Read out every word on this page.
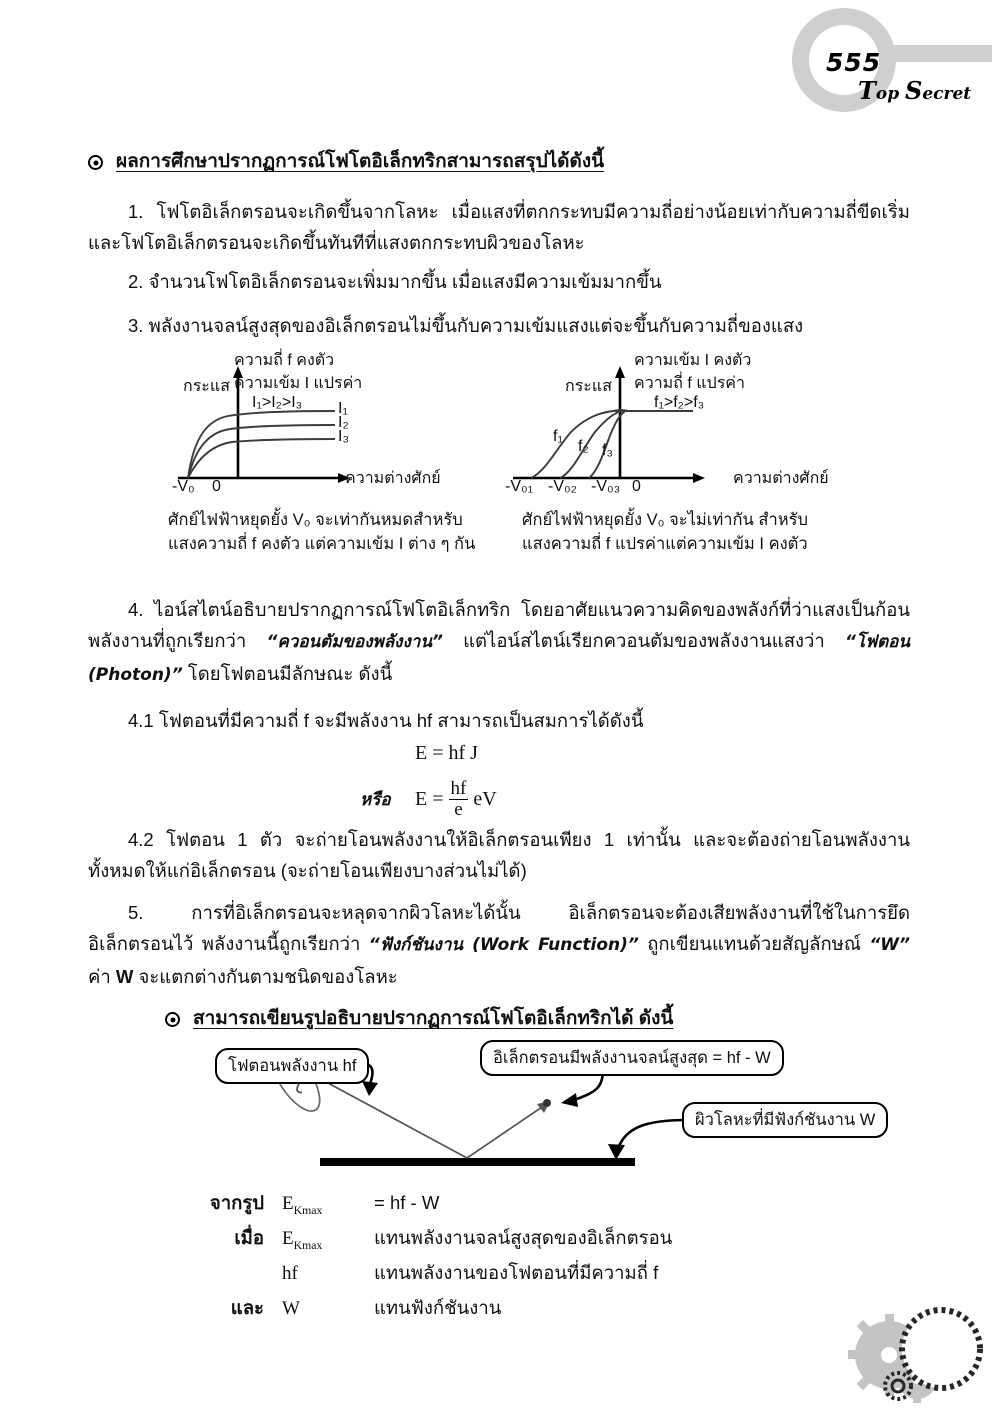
555
Top Secret
ผลการศึกษาปรากฏการณ์โฟโตอิเล็กทริกสามารถสรุปได้ดังนี้
1. โฟโตอิเล็กตรอนจะเกิดขึ้นจากโลหะ เมื่อแสงที่ตกกระทบมีความถี่อย่างน้อยเท่ากับความถี่ขีดเริ่ม และโฟโตอิเล็กตรอนจะเกิดขึ้นทันทีที่แสงตกกระทบผิวของโลหะ
2. จำนวนโฟโตอิเล็กตรอนจะเพิ่มมากขึ้น เมื่อแสงมีความเข้มมากขึ้น
3. พลังงานจลน์สูงสุดของอิเล็กตรอนไม่ขึ้นกับความเข้มแสงแต่จะขึ้นกับความถี่ของแสง
ความถี่ f คงตัว
ความเข้ม I แปรค่า
I₁>I₂>I₃
กระแส
ความต่างศักย์
-V₀ 0
I₁
I₂
I₃
ศักย์ไฟฟ้าหยุดยั้ง V₀ จะเท่ากันหมดสำหรับ
แสงความถี่ f คงตัว แต่ความเข้ม I ต่าง ๆ กัน
ความเข้ม I คงตัว
ความถี่ f แปรค่า
f₁>f₂>f₃
กระแส
ความต่างศักย์
-V₀₁ -V₀₂ -V₀₃ 0
f₁
f₂ f₃
ศักย์ไฟฟ้าหยุดยั้ง V₀ จะไม่เท่ากัน สำหรับ
แสงความถี่ f แปรค่าแต่ความเข้ม I คงตัว
4. ไอน์สไตน์อธิบายปรากฏการณ์โฟโตอิเล็กทริก โดยอาศัยแนวความคิดของพลังก์ที่ว่าแสงเป็นก้อนพลังงานที่ถูกเรียกว่า “ควอนตัมของพลังงาน” แต่ไอน์สไตน์เรียกควอนตัมของพลังงานแสงว่า “โฟตอน (Photon)” โดยโฟตอนมีลักษณะ ดังนี้
4.1 โฟตอนที่มีความถี่ f จะมีพลังงาน hf สามารถเป็นสมการได้ดังนี้
E = hf J
หรือ $E = \frac{hf}{e}$ eV
4.2 โฟตอน 1 ตัว จะถ่ายโอนพลังงานให้อิเล็กตรอนเพียง 1 เท่านั้น และจะต้องถ่ายโอนพลังงานทั้งหมดให้แก่อิเล็กตรอน (จะถ่ายโอนเพียงบางส่วนไม่ได้)
5. การที่อิเล็กตรอนจะหลุดจากผิวโลหะได้นั้น อิเล็กตรอนจะต้องเสียพลังงานที่ใช้ในการยึดอิเล็กตรอนไว้ พลังงานนี้ถูกเรียกว่า “ฟังก์ชันงาน (Work Function)” ถูกเขียนแทนด้วยสัญลักษณ์ “W” ค่า W จะแตกต่างกันตามชนิดของโลหะ
สามารถเขียนรูปอธิบายปรากฏการณ์โฟโตอิเล็กทริกได้ ดังนี้
โฟตอนพลังงาน hf	อิเล็กตรอนมีพลังงานจลน์สูงสุด = hf - W
ผิวโลหะที่มีฟังก์ชันงาน W
จากรูป	$E_{Kmax}$	= hf - W
เมื่อ	$E_{Kmax}$	แทนพลังงานจลน์สูงสุดของอิเล็กตรอน
	hf	แทนพลังงานของโฟตอนที่มีความถี่ f
และ	W	แทนฟังก์ชันงาน
